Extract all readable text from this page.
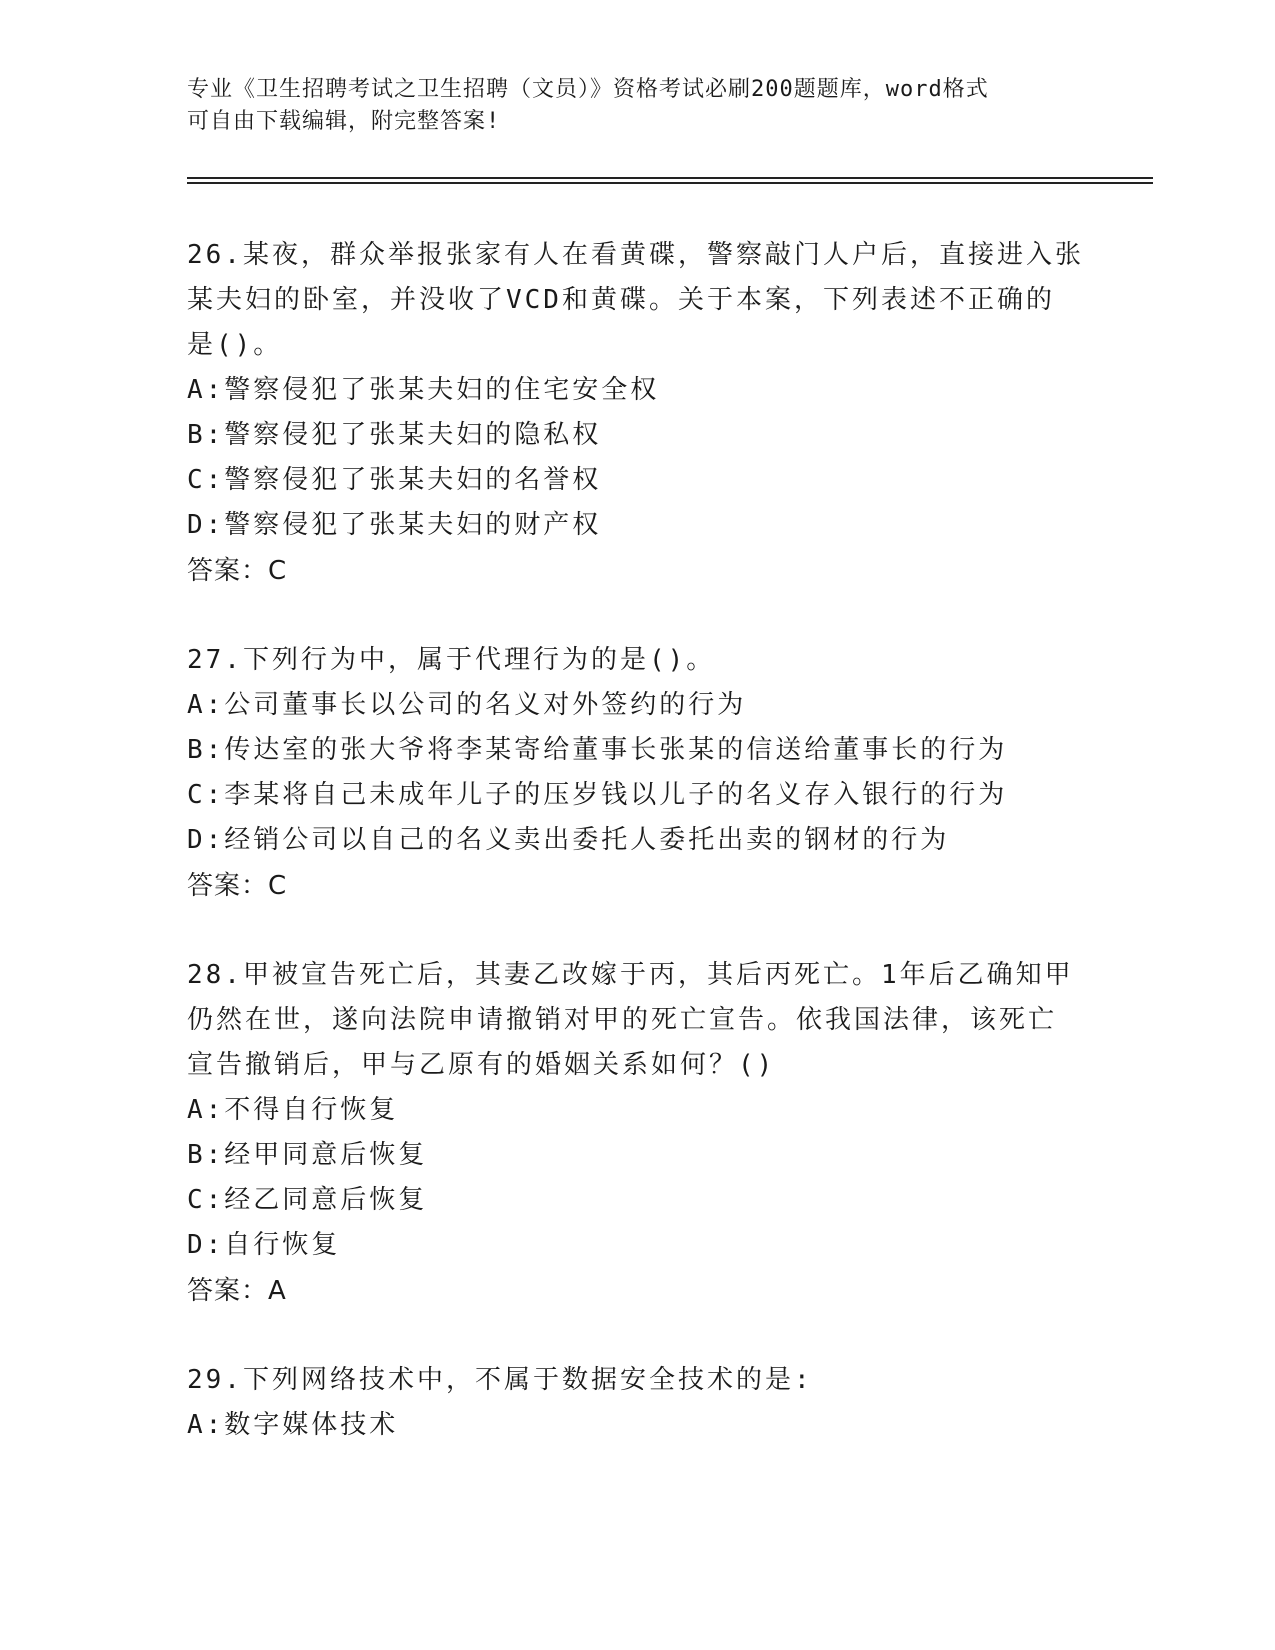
专业《卫生招聘考试之卫生招聘（文员）》资格考试必刷200题题库，word格式
可自由下载编辑，附完整答案!

26.某夜，群众举报张家有人在看黄碟，警察敲门人户后，直接进入张

某夫妇的卧室，并没收了VCD和黄碟。关于本案，下列表述不正确的

是()。

A:警察侵犯了张某夫妇的住宅安全权

B:警察侵犯了张某夫妇的隐私权

C:警察侵犯了张某夫妇的名誉权

D:警察侵犯了张某夫妇的财产权

答案：C

27.下列行为中，属于代理行为的是()。

A:公司董事长以公司的名义对外签约的行为

B:传达室的张大爷将李某寄给董事长张某的信送给董事长的行为

C:李某将自己未成年儿子的压岁钱以儿子的名义存入银行的行为

D:经销公司以自己的名义卖出委托人委托出卖的钢材的行为

答案：C

28.甲被宣告死亡后，其妻乙改嫁于丙，其后丙死亡。1年后乙确知甲

仍然在世，遂向法院申请撤销对甲的死亡宣告。依我国法律，该死亡

宣告撤销后，甲与乙原有的婚姻关系如何？()

A:不得自行恢复

B:经甲同意后恢复

C:经乙同意后恢复

D:自行恢复

答案：A

29.下列网络技术中，不属于数据安全技术的是:

A:数字媒体技术
